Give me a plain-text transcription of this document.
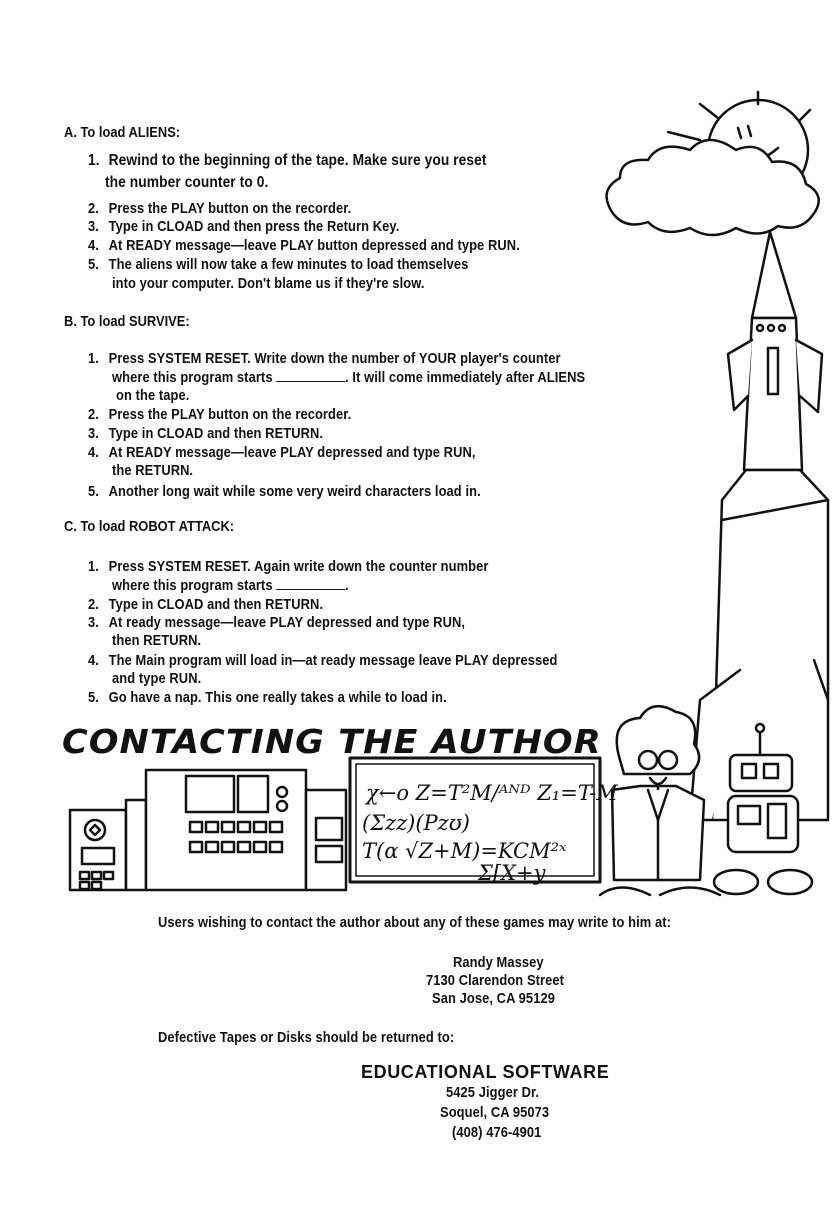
χ←o Z=T²M/ᴬᴺᴰ Z₁=T-M
(Σzz)(Pzʊ)
T(α √Z+M)=KCM²ˣ
Σ[X+y
A. To load ALIENS:
1. Rewind to the beginning of the tape. Make sure you reset
the number counter to 0.
2. Press the PLAY button on the recorder.
3. Type in CLOAD and then press the Return Key.
4. At READY message—leave PLAY button depressed and type RUN.
5. The aliens will now take a few minutes to load themselves
into your computer. Don't blame us if they're slow.
B. To load SURVIVE:
1. Press SYSTEM RESET. Write down the number of YOUR player's counter
where this program starts	. It will come immediately after ALIENS
on the tape.
2. Press the PLAY button on the recorder.
3. Type in CLOAD and then RETURN.
4. At READY message—leave PLAY depressed and type RUN,
the RETURN.
5. Another long wait while some very weird characters load in.
C. To load ROBOT ATTACK:
1. Press SYSTEM RESET. Again write down the counter number
where this program starts	.
2. Type in CLOAD and then RETURN.
3. At ready message—leave PLAY depressed and type RUN,
then RETURN.
4. The Main program will load in—at ready message leave PLAY depressed
and type RUN.
5. Go have a nap. This one really takes a while to load in.
CONTACTING THE AUTHOR
Users wishing to contact the author about any of these games may write to him at:
Randy Massey
7130 Clarendon Street
San Jose, CA 95129
Defective Tapes or Disks should be returned to:
EDUCATIONAL SOFTWARE
5425 Jigger Dr.
Soquel, CA 95073
(408) 476-4901
